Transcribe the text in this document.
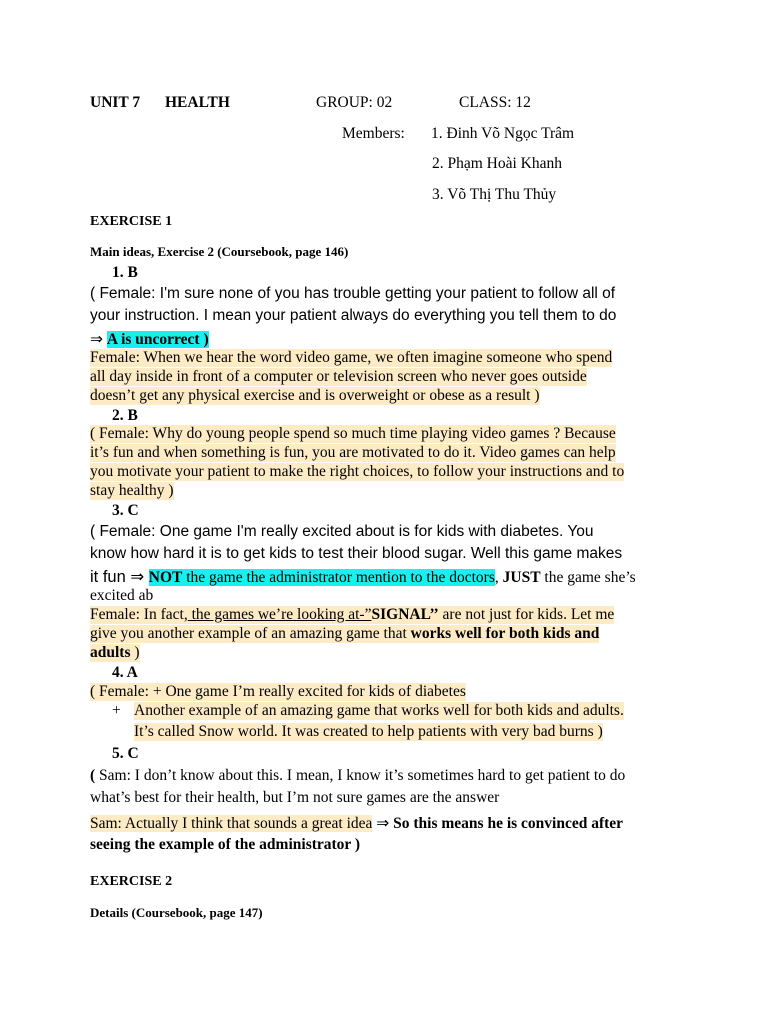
UNIT 7 HEALTH	GROUP: 02	CLASS: 12
Members: 1. Đinh Võ Ngọc Trâm
2. Phạm Hoài Khanh
3. Võ Thị Thu Thủy
EXERCISE 1
Main ideas, Exercise 2 (Coursebook, page 146)
1. B
( Female: I'm sure none of you has trouble getting your patient to follow all of
your instruction. I mean your patient always do everything you tell them to do
⇒ A is uncorrect )
Female: When we hear the word video game, we often imagine someone who spend
all day inside in front of a computer or television screen who never goes outside
doesn’t get any physical exercise and is overweight or obese as a result )
2. B
( Female: Why do young people spend so much time playing video games ? Because
it’s fun and when something is fun, you are motivated to do it. Video games can help
you motivate your patient to make the right choices, to follow your instructions and to
stay healthy )
3. C
( Female: One game I'm really excited about is for kids with diabetes. You
know how hard it is to get kids to test their blood sugar. Well this game makes
it fun ⇒ NOT the game the administrator mention to the doctors, JUST the game she’s
excited ab
Female: In fact, the games we’re looking at-”SIGNAL’’ are not just for kids. Let me
give you another example of an amazing game that works well for both kids and
adults )
4. A
( Female: + One game I’m really excited for kids of diabetes
+ Another example of an amazing game that works well for both kids and adults.
It’s called Snow world. It was created to help patients with very bad burns )
5. C
( Sam: I don’t know about this. I mean, I know it’s sometimes hard to get patient to do
what’s best for their health, but I’m not sure games are the answer
Sam: Actually I think that sounds a great idea ⇒ So this means he is convinced after
seeing the example of the administrator )
EXERCISE 2
Details (Coursebook, page 147)
